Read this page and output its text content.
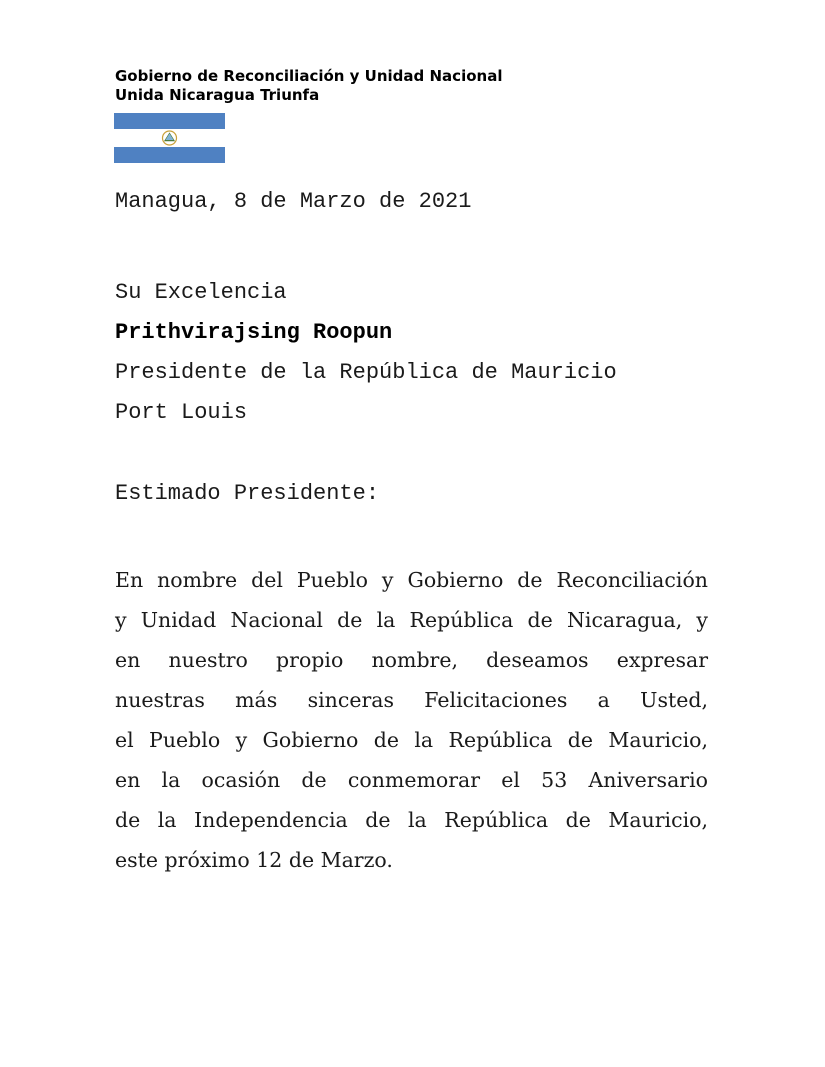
Gobierno de Reconciliación y Unidad Nacional
Unida Nicaragua Triunfa
Managua, 8 de Marzo de 2021
Su Excelencia
Prithvirajsing Roopun
Presidente de la República de Mauricio
Port Louis
Estimado Presidente:
En nombre del Pueblo y Gobierno de Reconciliación
y Unidad Nacional de la República de Nicaragua, y
en nuestro propio nombre, deseamos expresar
nuestras más sinceras Felicitaciones a Usted,
el Pueblo y Gobierno de la República de Mauricio,
en la ocasión de conmemorar el 53 Aniversario
de la Independencia de la República de Mauricio,
este próximo 12 de Marzo.
